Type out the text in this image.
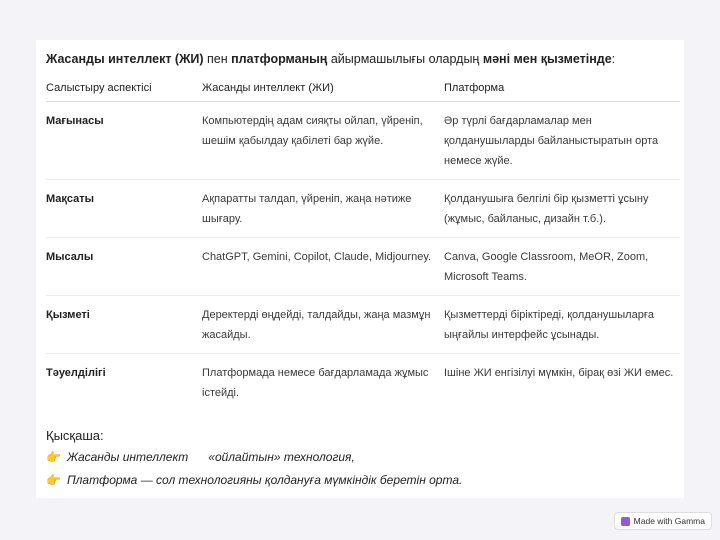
Жасанды интеллект (ЖИ) пен платформаның айырмашылығы олардың мәні мен қызметінде:
Салыстыру аспектісі	Жасанды интеллект (ЖИ)	Платформа
Мағынасы	Компьютердің адам сияқты ойлап, үйреніп, шешім қабылдау қабілеті бар жүйе.	Әр түрлі бағдарламалар мен қолданушыларды байланыстыратын орта немесе жүйе.
Мақсаты	Ақпаратты талдап, үйреніп, жаңа нәтиже шығару.	Қолданушыға белгілі бір қызметті ұсыну (жұмыс, байланыс, дизайн т.б.).
Мысалы	ChatGPT, Gemini, Copilot, Claude, Midjourney.	Canva, Google Classroom, MeOR, Zoom, Microsoft Teams.
Қызметі	Деректерді өңдейді, талдайды, жаңа мазмұн жасайды.	Қызметтерді біріктіреді, қолданушыларға ыңғайлы интерфейс ұсынады.
Тәуелділігі	Платформада немесе бағдарламада жұмыс істейді.	Ішіне ЖИ енгізілуі мүмкін, бірақ өзі ЖИ емес.
Қысқаша:
👉 Жасанды интеллект «ойлайтын» технология,
👉 Платформа — сол технологияны қолдануға мүмкіндік беретін орта.
Made with Gamma
